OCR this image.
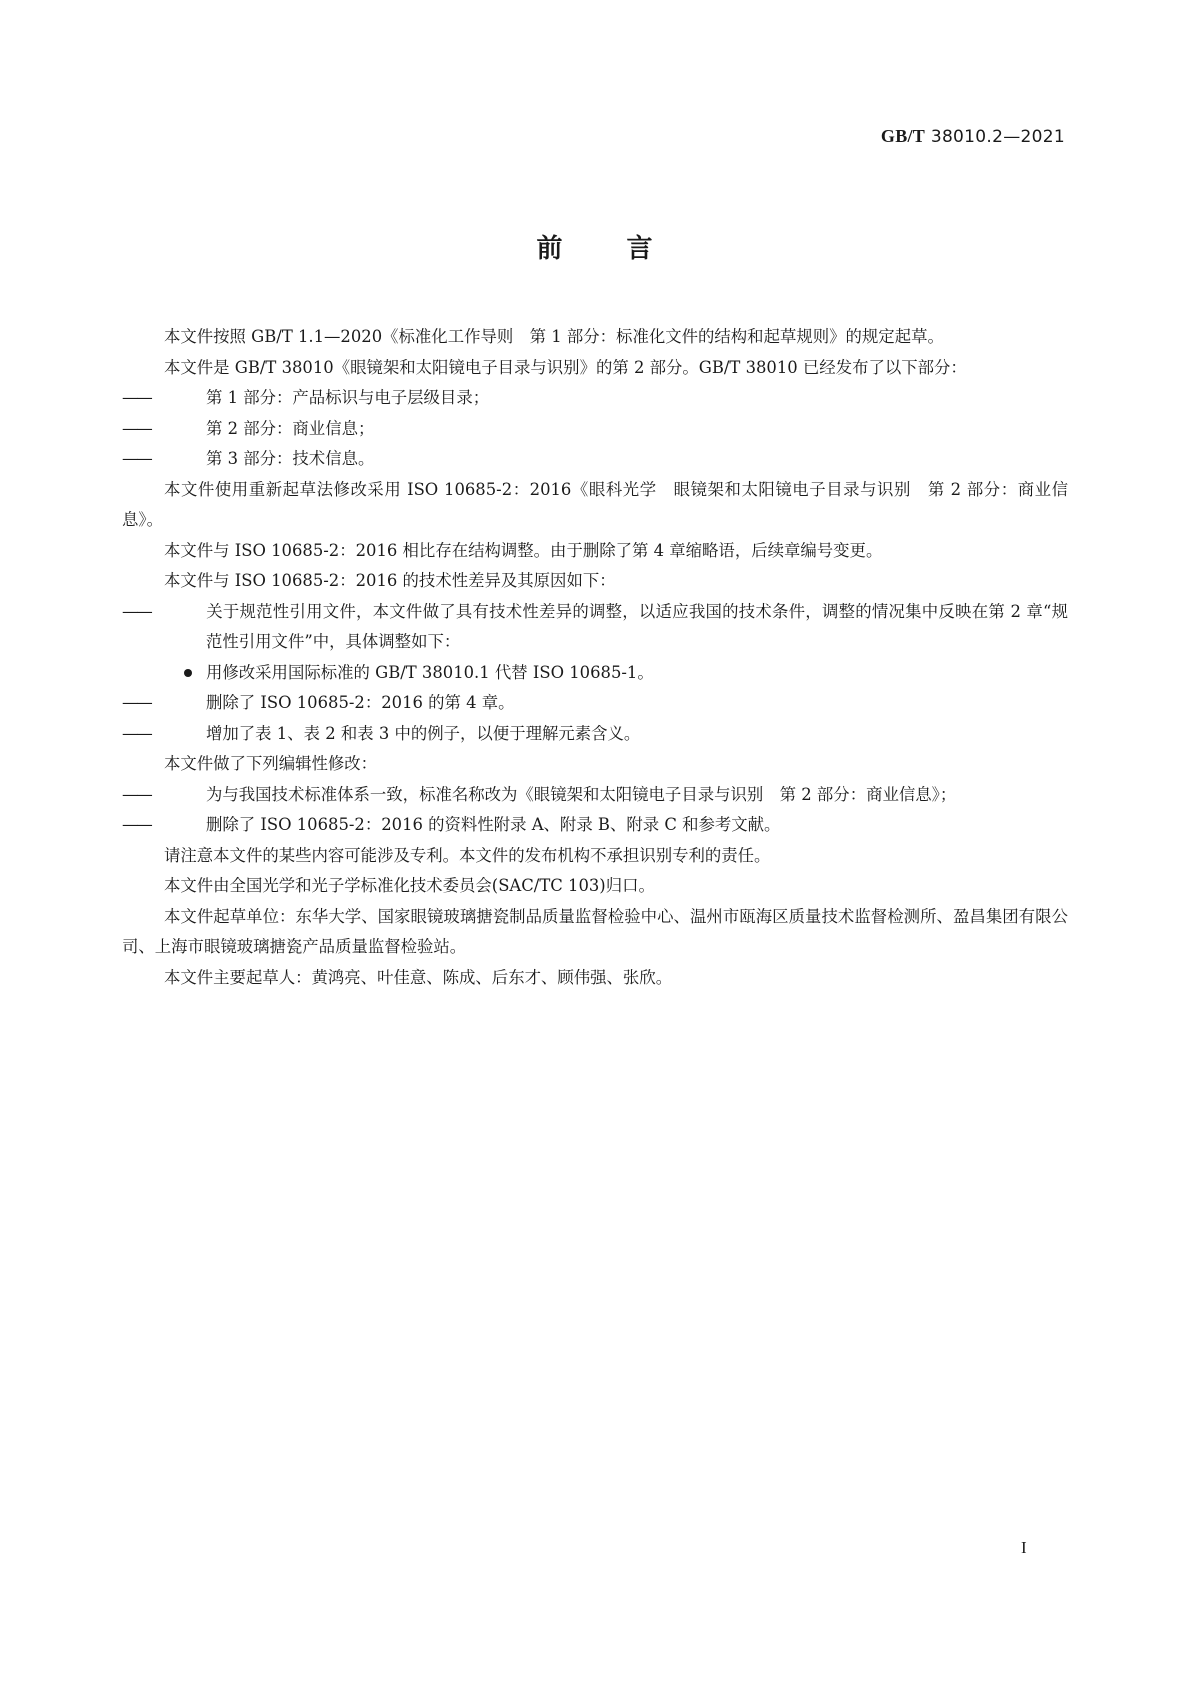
GB/T 38010.2—2021
前 言

本文件按照 GB/T 1.1—2020《标准化工作导则　第 1 部分：标准化文件的结构和起草规则》的规定起草。

本文件是 GB/T 38010《眼镜架和太阳镜电子目录与识别》的第 2 部分。GB/T 38010 已经发布了以下部分：

——	第 1 部分：产品标识与电子层级目录；

——	第 2 部分：商业信息；

——	第 3 部分：技术信息。

本文件使用重新起草法修改采用 ISO 10685-2：2016《眼科光学　眼镜架和太阳镜电子目录与识别　第 2 部分：商业信息》。

本文件与 ISO 10685-2：2016 相比存在结构调整。由于删除了第 4 章缩略语，后续章编号变更。

本文件与 ISO 10685-2：2016 的技术性差异及其原因如下：

——	关于规范性引用文件，本文件做了具有技术性差异的调整，以适应我国的技术条件，调整的情况集中反映在第 2 章“规范性引用文件”中，具体调整如下：

用修改采用国际标准的 GB/T 38010.1 代替 ISO 10685-1。

——	删除了 ISO 10685-2：2016 的第 4 章。

——	增加了表 1、表 2 和表 3 中的例子，以便于理解元素含义。

本文件做了下列编辑性修改：

——	为与我国技术标准体系一致，标准名称改为《眼镜架和太阳镜电子目录与识别　第 2 部分：商业信息》；

——	删除了 ISO 10685-2：2016 的资料性附录 A、附录 B、附录 C 和参考文献。

请注意本文件的某些内容可能涉及专利。本文件的发布机构不承担识别专利的责任。

本文件由全国光学和光子学标准化技术委员会(SAC/TC 103)归口。

本文件起草单位：东华大学、国家眼镜玻璃搪瓷制品质量监督检验中心、温州市瓯海区质量技术监督检测所、盈昌集团有限公司、上海市眼镜玻璃搪瓷产品质量监督检验站。

本文件主要起草人：黄鸿亮、叶佳意、陈成、后东才、顾伟强、张欣。

I
